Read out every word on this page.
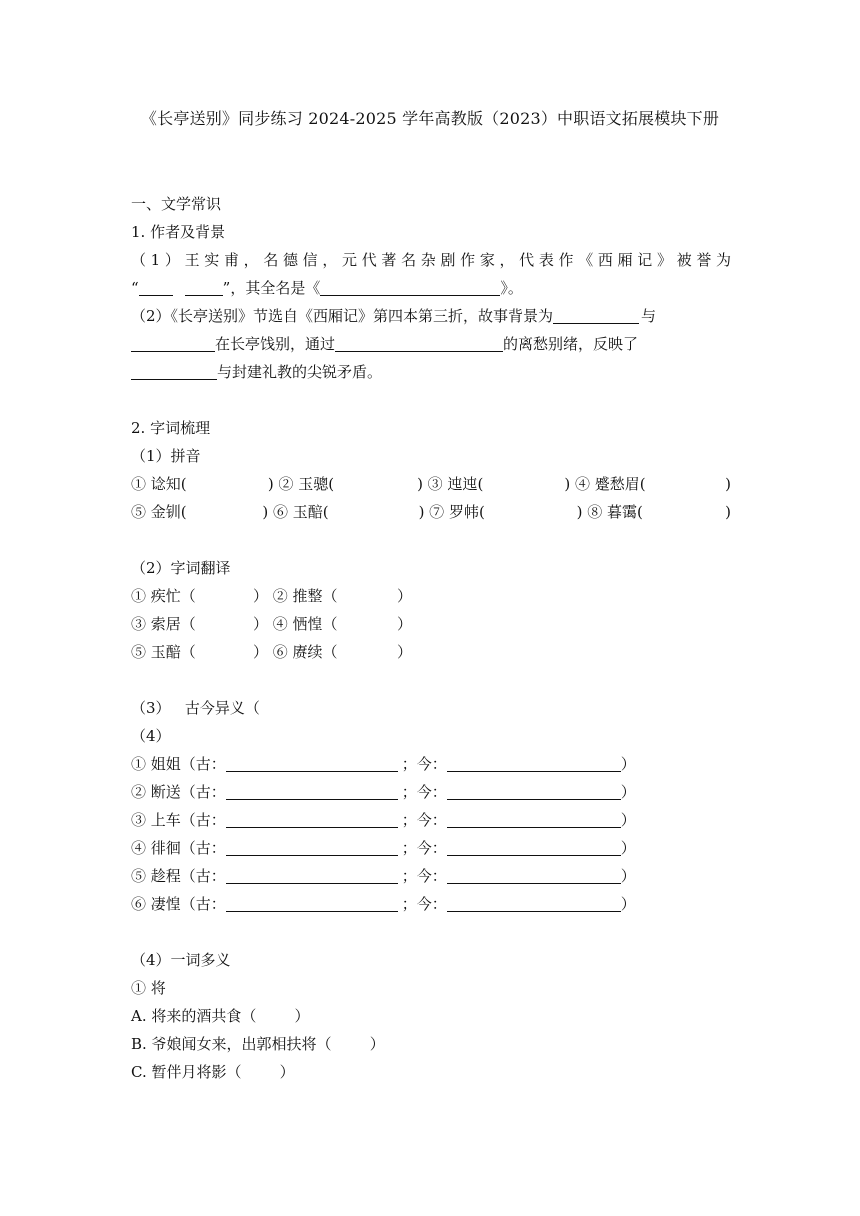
《长亭送别》同步练习 2024-2025 学年高教版（2023）中职语文拓展模块下册
一、文学常识
1. 作者及背景
（1）王实甫，名德信，元代著名杂剧作家，代表作《西厢记》被誉为
“	”，其全名是《	》。
（2）《长亭送别》节选自《西厢记》第四本第三折，故事背景为	与
在长亭饯别，通过	的离愁别绪，反映了
与封建礼教的尖锐矛盾。
2. 字词梳理
（1）拼音
① 谂知(	) ② 玉骢(	) ③ 迍迍(	) ④ 蹙愁眉(	)
⑤ 金钏(	) ⑥ 玉醅(	) ⑦ 罗帏(	) ⑧ 暮霭(	)
（2）字词翻译
① 疾忙（	） ② 推整（	）
③ 索居（	） ④ 恓惶（	）
⑤ 玉醅（	） ⑥ 赓续（	）
（3）   古今异义（
（4）
① 姐姐（古：	；今：	）
② 断送（古：	；今：	）
③ 上车（古：	；今：	）
④ 徘徊（古：	；今：	）
⑤ 趁程（古：	；今：	）
⑥ 凄惶（古：	；今：	）
（4）一词多义
① 将
A. 将来的酒共食（        ）
B. 爷娘闻女来，出郭相扶将（        ）
C. 暂伴月将影（        ）
